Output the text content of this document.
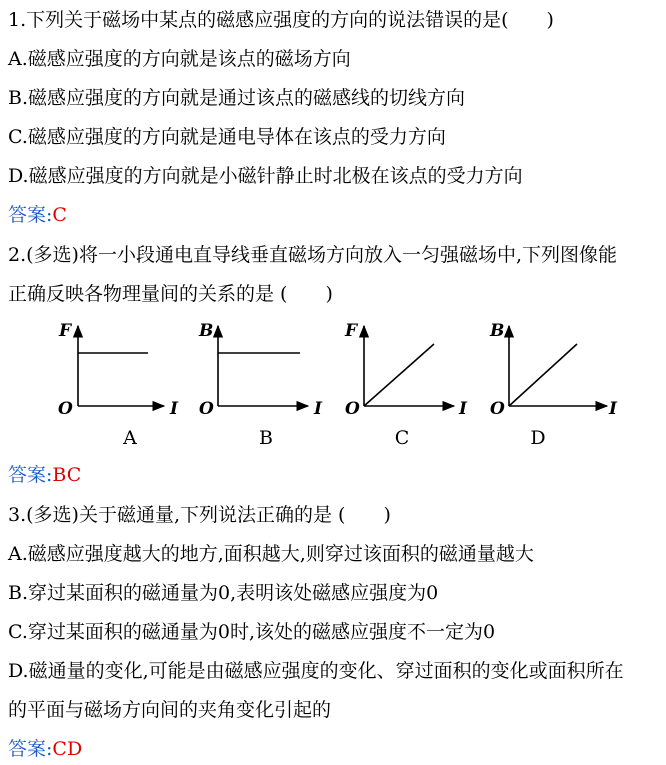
1.下列关于磁场中某点的磁感应强度的方向的说法错误的是(　　)
A.磁感应强度的方向就是该点的磁场方向
B.磁感应强度的方向就是通过该点的磁感线的切线方向
C.磁感应强度的方向就是通电导体在该点的受力方向
D.磁感应强度的方向就是小磁针静止时北极在该点的受力方向
答案:C
2.(多选)将一小段通电直导线垂直磁场方向放入一匀强磁场中,下列图像能
正确反映各物理量间的关系的是 (　　)
F
O	I
A
B
O	I
B
F
O	I
C
B
O	I
D
答案:BC
3.(多选)关于磁通量,下列说法正确的是 (　　)
A.磁感应强度越大的地方,面积越大,则穿过该面积的磁通量越大
B.穿过某面积的磁通量为0,表明该处磁感应强度为0
C.穿过某面积的磁通量为0时,该处的磁感应强度不一定为0
D.磁通量的变化,可能是由磁感应强度的变化、穿过面积的变化或面积所在
的平面与磁场方向间的夹角变化引起的
答案:CD
